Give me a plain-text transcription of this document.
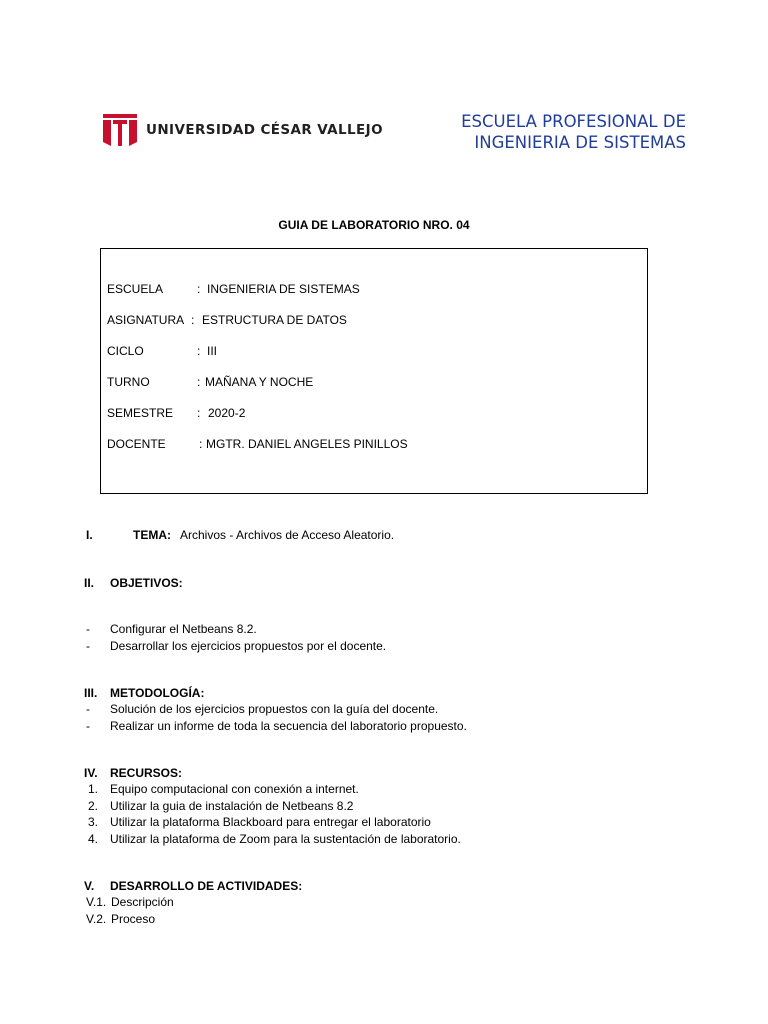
UNIVERSIDAD CÉSAR VALLEJO	ESCUELA PROFESIONAL DE
INGENIERIA DE SISTEMAS
GUIA DE LABORATORIO NRO. 04
ESCUELA	: INGENIERIA DE SISTEMAS
ASIGNATURA : ESTRUCTURA DE DATOS
CICLO	: III
TURNO	: MAÑANA Y NOCHE
SEMESTRE : 2020-2
DOCENTE	: MGTR. DANIEL ANGELES PINILLOS
I.	TEMA: Archivos - Archivos de Acceso Aleatorio.
II. OBJETIVOS:
- Configurar el Netbeans 8.2.
- Desarrollar los ejercicios propuestos por el docente.
III. METODOLOGÍA:
- Solución de los ejercicios propuestos con la guía del docente.
- Realizar un informe de toda la secuencia del laboratorio propuesto.
IV. RECURSOS:
1. Equipo computacional con conexión a internet.
2. Utilizar la guia de instalación de Netbeans 8.2
3. Utilizar la plataforma Blackboard para entregar el laboratorio
4. Utilizar la plataforma de Zoom para la sustentación de laboratorio.
V. DESARROLLO DE ACTIVIDADES:
V.1. Descripción
V.2. Proceso
